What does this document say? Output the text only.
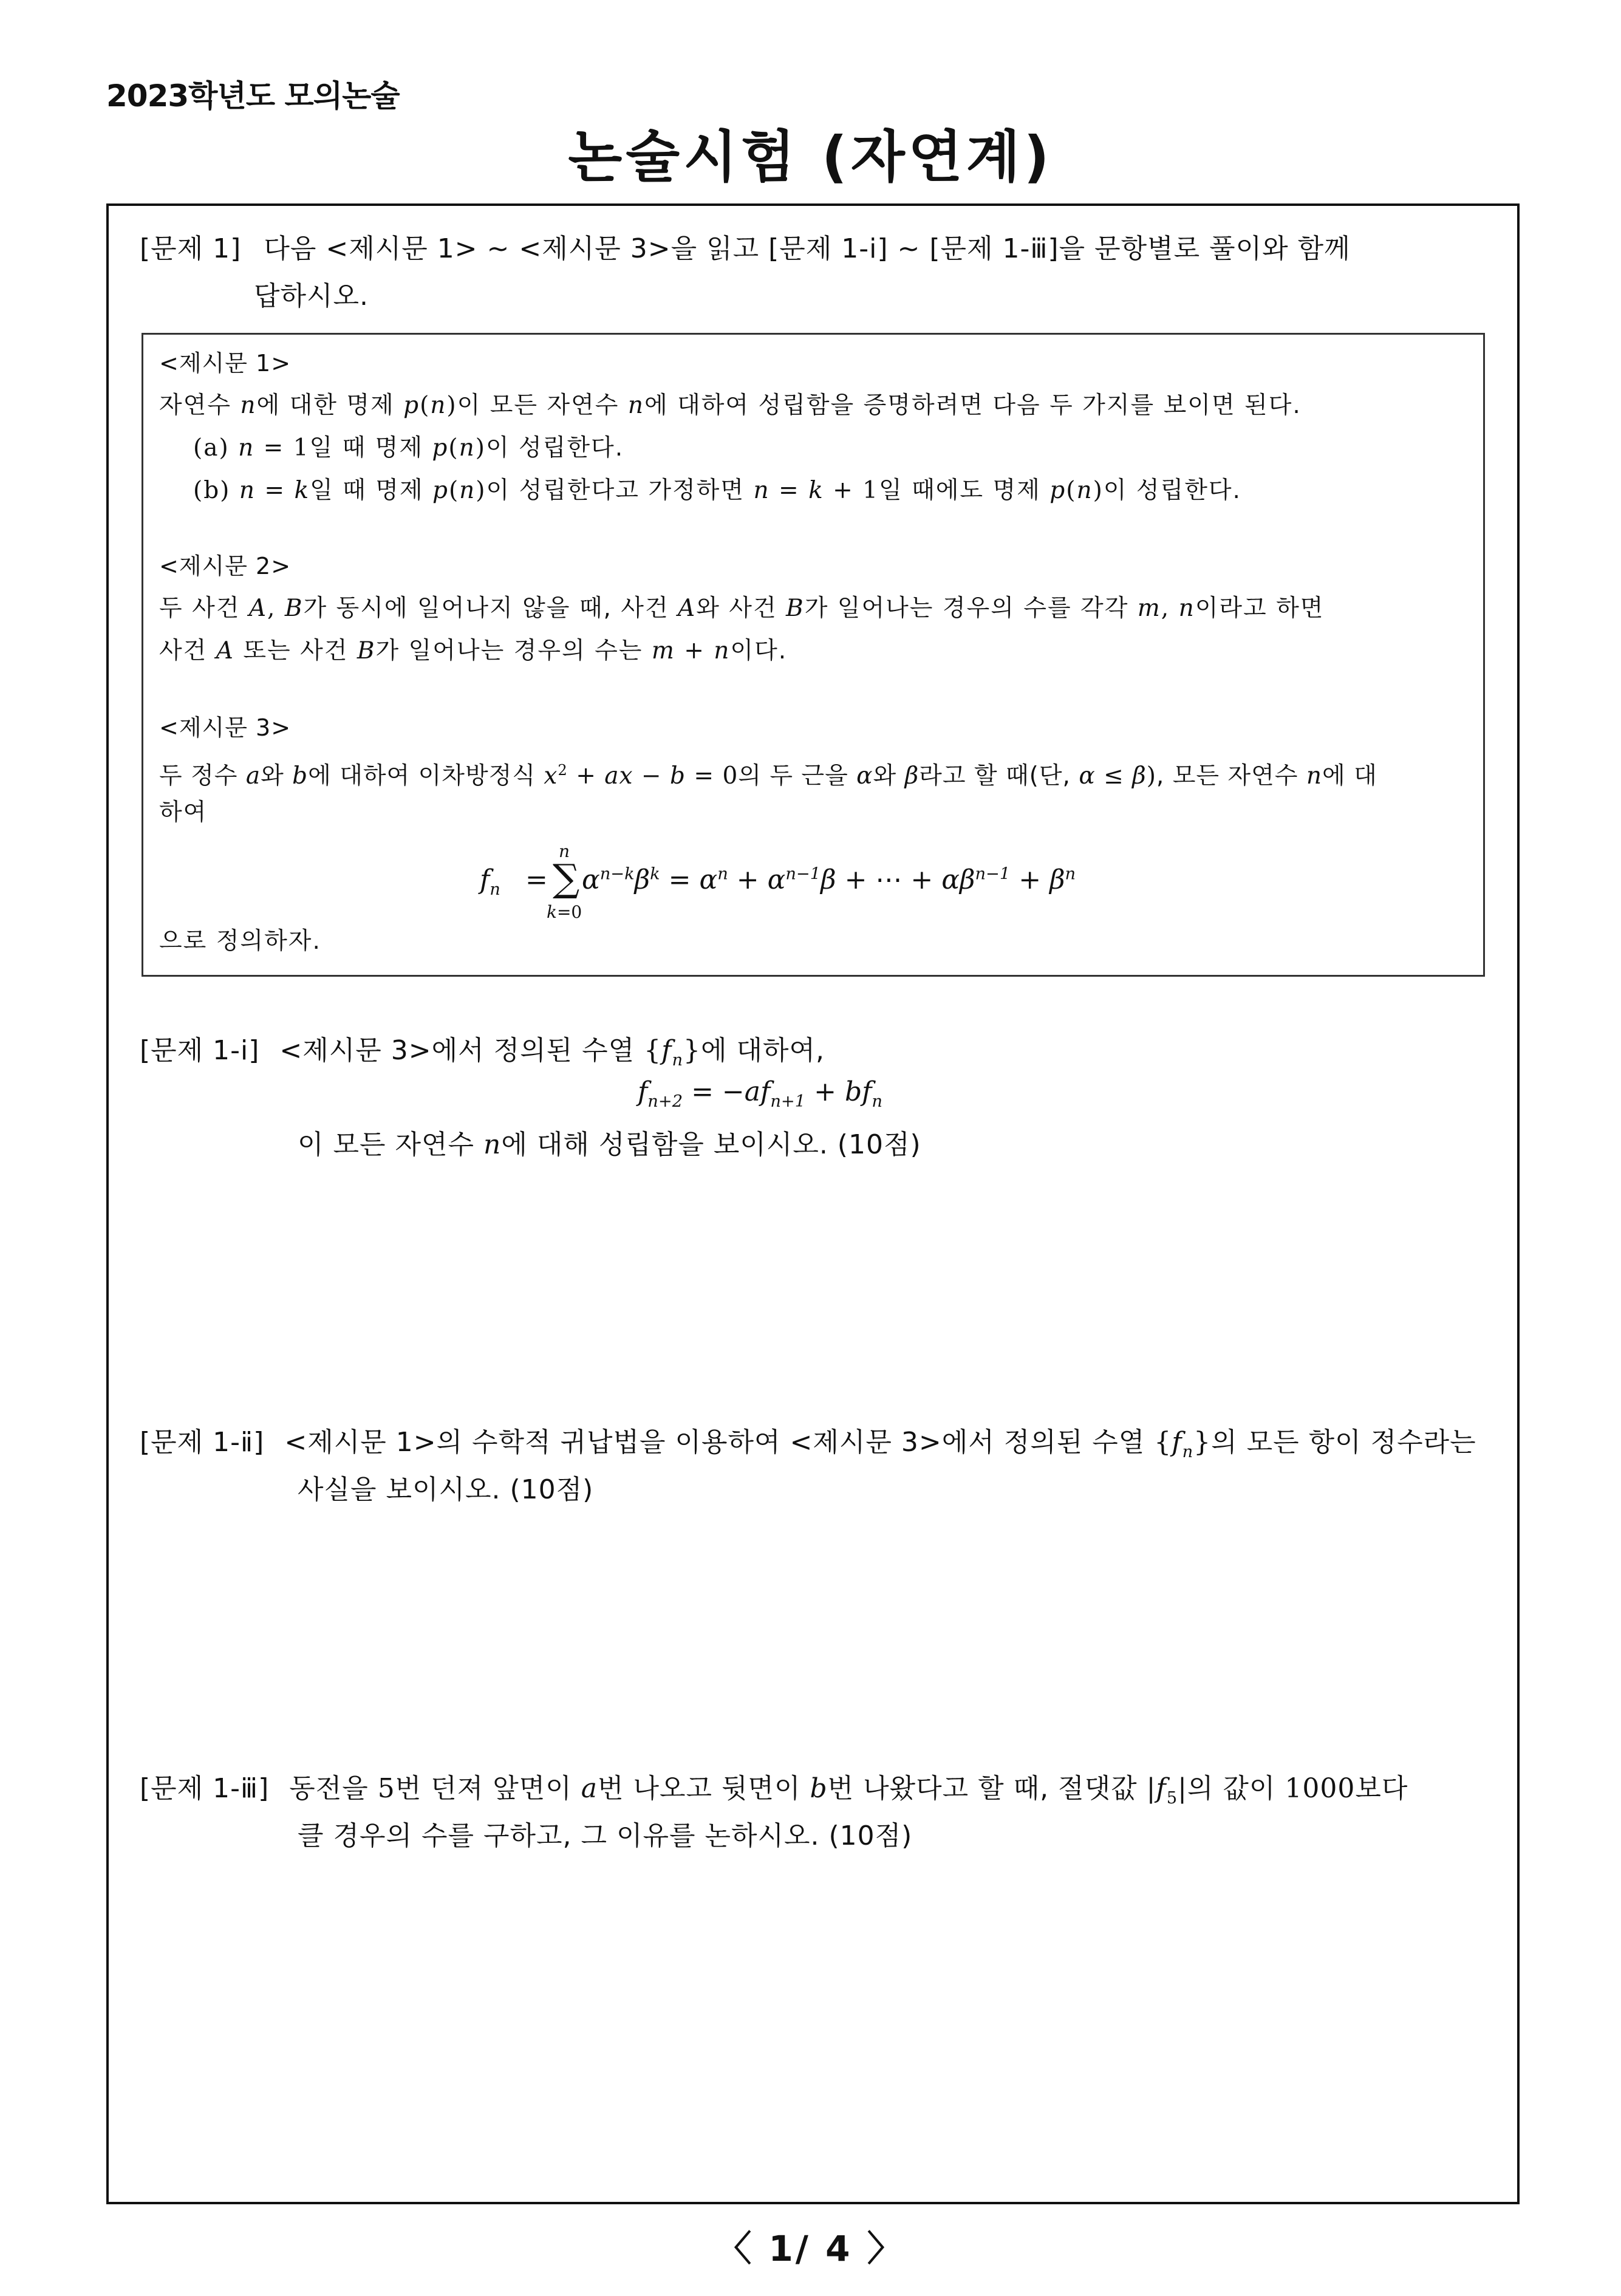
2023학년도 모의논술
논술시험 (자연계)
[문제 1] 다음 <제시문 1> ~ <제시문 3>을 읽고 [문제 1-ⅰ] ~ [문제 1-ⅲ]을 문항별로 풀이와 함께
답하시오.
<제시문 1>
자연수 n에 대한 명제 p(n)이 모든 자연수 n에 대하여 성립함을 증명하려면 다음 두 가지를 보이면 된다.
(a) n = 1일 때 명제 p(n)이 성립한다.
(b) n = k일 때 명제 p(n)이 성립한다고 가정하면 n = k + 1일 때에도 명제 p(n)이 성립한다.
<제시문 2>
두 사건 A, B가 동시에 일어나지 않을 때, 사건 A와 사건 B가 일어나는 경우의 수를 각각 m, n이라고 하면
사건 A 또는 사건 B가 일어나는 경우의 수는 m + n이다.
<제시문 3>
두 정수 a와 b에 대하여 이차방정식 $x^2$ + ax − b = 0의 두 근을 α와 β라고 할 때(단, α ≤ β), 모든 자연수 n에 대
하여
$f_n$ =
n
∑
k=0
$\alpha^{n-k}\beta^k = \alpha^n + \alpha^{n-1}\beta$ + ⋯ + $\alpha\beta^{n-1} + \beta^n$
으로 정의하자.
[문제 1-ⅰ] <제시문 3>에서 정의된 수열 $\{f_n\}$에 대하여,
$f_{n+2} = -af_{n+1} + bf_n$
이 모든 자연수 n에 대해 성립함을 보이시오. (10점)
[문제 1-ⅱ] <제시문 1>의 수학적 귀납법을 이용하여 <제시문 3>에서 정의된 수열 $\{f_n\}$의 모든 항이 정수라는
사실을 보이시오. (10점)
[문제 1-ⅲ] 동전을 5번 던져 앞면이 a번 나오고 뒷면이 b번 나왔다고 할 때, 절댓값 $|f_5|$의 값이 1000보다
클 경우의 수를 구하고, 그 이유를 논하시오. (10점)
〈 1/ 4 〉
